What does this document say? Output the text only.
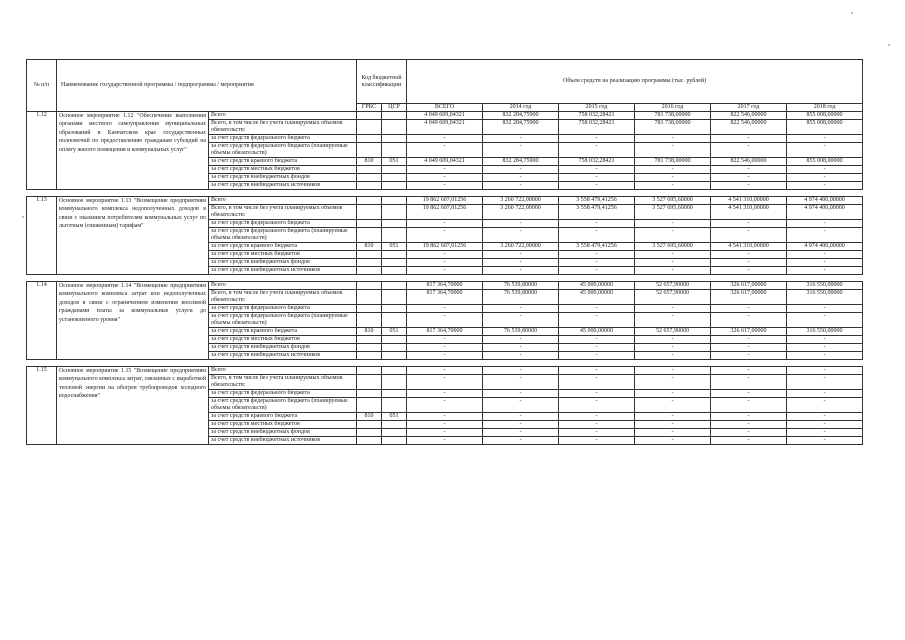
№ п/п	Наименование государственной программы / подпрограммы / мероприятия		Код бюджетной классификации		Объем средств на реализацию программы (тыс. рублей)					
			ГРБС	ЦСР	ВСЕГО	2014 год	2015 год	2016 год	2017 год	2018 год
1.12	Основное мероприятие 1.12 "Обеспечение выполнения органами местного самоуправления муниципальных образований в Камчатском крае государственных полномочий по предоставлению гражданам субсидий на оплату жилого помещения и коммунальных услуг"	Всего			4 049 609,04321	832 284,75900	758 032,28421	781 738,00000	822 546,00000	855 008,00000
		Всего, в том числе без учета планируемых объемов обязательств:			4 049 609,04321	832 284,75900	758 032,28421	781 738,00000	822 546,00000	855 008,00000
		за счет средств федерального бюджета			-	-	-	-	-	-
		за счет средств федерального бюджета (планируемые объемы обязательств)			-	-	-	-	-	-
		за счет средств краевого бюджета	810	051	4 049 609,04321	832 284,75900	758 032,28421	781 738,00000	822 546,00000	855 008,00000
		за счет средств местных бюджетов			-	-	-	-	-	-
		за счет средств внебюджетных фондов			-	-	-	-	-	-
		за счет средств внебюджетных источников			-	-	-	-	-	-

1.13	Основное мероприятие 1.13 "Возмещение предприятиям коммунального комплекса недополученных доходов в связи с оказанием потребителям коммунальных услуг по льготным (сниженным) тарифам"	Всего			19 862 607,01256	3 260 722,00000	3 558 479,41256	3 527 695,60000	4 541 310,00000	4 974 400,00000
		Всего, в том числе без учета планируемых объемов обязательств:			19 862 607,01256	3 260 722,00000	3 558 479,41256	3 527 695,60000	4 541 310,00000	4 974 400,00000
		за счет средств федерального бюджета			-	-	-	-	-	-
		за счет средств федерального бюджета (планируемые объемы обязательств)			-	-	-	-	-	-
		за счет средств краевого бюджета	810	051	19 862 607,01256	3 260 722,00000	3 558 479,41256	3 527 695,60000	4 541 310,00000	4 974 400,00000
		за счет средств местных бюджетов			-	-	-	-	-	-
		за счет средств внебюджетных фондов			-	-	-	-	-	-
		за счет средств внебюджетных источников			-	-	-	-	-	-

1.14	Основное мероприятие 1.14 "Возмещение предприятиям коммунального комплекса затрат или недополученных доходов в связи с ограничением изменения вносимой гражданами платы за коммунальные услуги до установленного уровня"	Всего			817 364,70000	76 539,80000	45 000,00000	52 657,90000	326 617,00000	316 550,00000
		Всего, в том числе без учета планируемых объемов обязательств:			817 364,70000	76 539,80000	45 000,00000	52 657,90000	326 617,00000	316 550,00000
		за счет средств федерального бюджета			-	-	-	-	-	-
		за счет средств федерального бюджета (планируемые объемы обязательств)			-	-	-	-	-	-
		за счет средств краевого бюджета	810	051	817 364,70000	76 539,80000	45 000,00000	52 657,90000	326 617,00000	316 550,00000
		за счет средств местных бюджетов			-	-	-	-	-	-
		за счет средств внебюджетных фондов			-	-	-	-	-	-
		за счет средств внебюджетных источников			-	-	-	-	-	-

1.15	Основное мероприятие 1.15 "Возмещение предприятиям коммунального комплекса затрат, связанных с выработкой тепловой энергии на обогрев трубопроводов холодного водоснабжения"	Всего			-	-	-	-	-	-
		Всего, в том числе без учета планируемых объемов обязательств:			-	-	-	-	-	-
		за счет средств федерального бюджета			-	-	-	-	-	-
		за счет средств федерального бюджета (планируемые объемы обязательств)			-	-	-	-	-	-
		за счет средств краевого бюджета	810	051	-	-	-	-	-	-
		за счет средств местных бюджетов			-	-	-	-	-	-
		за счет средств внебюджетных фондов			-	-	-	-	-	-
		за счет средств внебюджетных источников			-	-	-	-	-	-
